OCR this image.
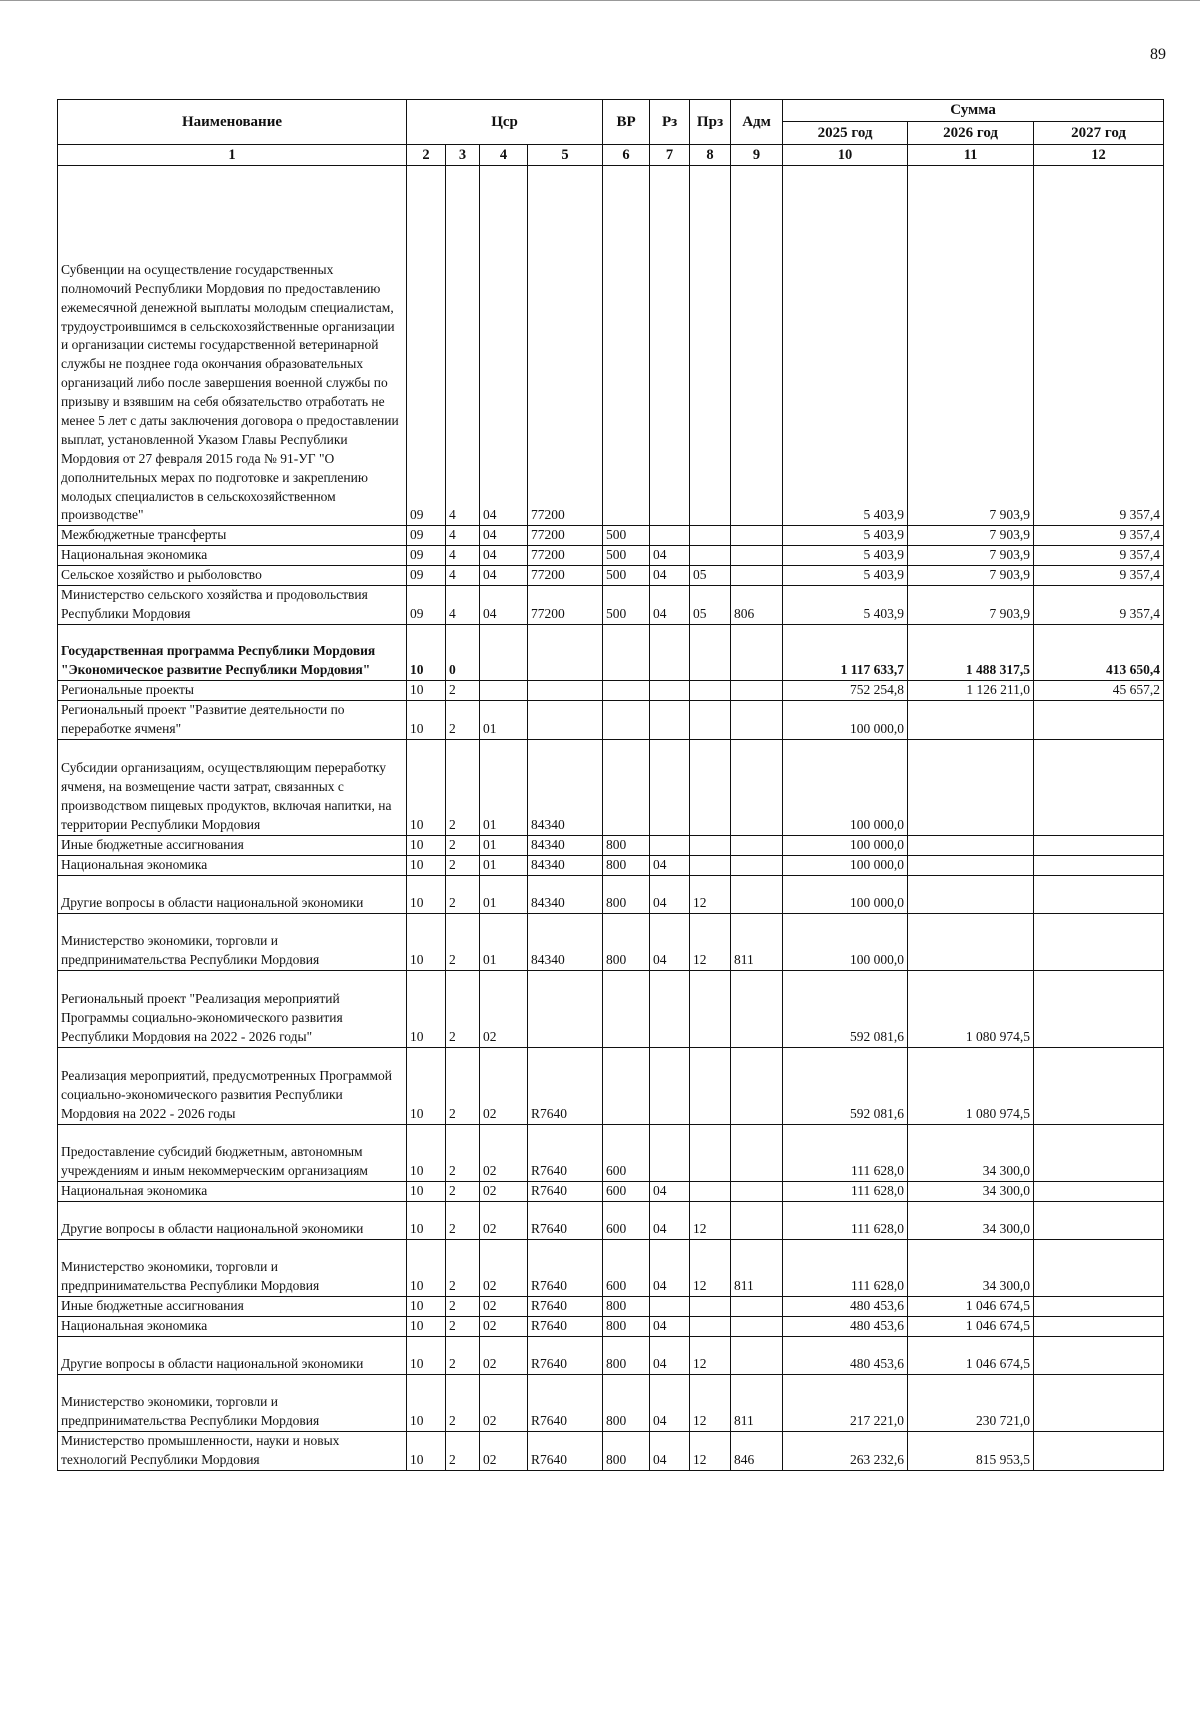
89
Наименование	Цср				ВР	Рз	Прз	Адм	Сумма		
									2025 год	2026 год	2027 год
1	2	3	4	5	6	7	8	9	10	11	12
Субвенции на осуществление государственных полномочий Республики Мордовия по предоставлению ежемесячной денежной выплаты молодым специалистам, трудоустроившимся в сельскохозяйственные организации и организации системы государственной ветеринарной службы не позднее года окончания образовательных организаций либо после завершения военной службы по призыву и взявшим на себя обязательство отработать не менее 5 лет с даты заключения договора о предоставлении выплат, установленной Указом Главы Республики Мордовия от 27 февраля 2015 года № 91-УГ "О дополнительных мерах по подготовке и закреплению молодых специалистов в сельскохозяйственном производстве"	09	4	04	77200					5 403,9	7 903,9	9 357,4
Межбюджетные трансферты	09	4	04	77200	500				5 403,9	7 903,9	9 357,4
Национальная экономика	09	4	04	77200	500	04			5 403,9	7 903,9	9 357,4
Сельское хозяйство и рыболовство	09	4	04	77200	500	04	05		5 403,9	7 903,9	9 357,4
Министерство сельского хозяйства и продовольствия Республики Мордовия	09	4	04	77200	500	04	05	806	5 403,9	7 903,9	9 357,4
Государственная программа Республики Мордовия "Экономическое развитие Республики Мордовия"	10	0							1 117 633,7	1 488 317,5	413 650,4
Региональные проекты	10	2							752 254,8	1 126 211,0	45 657,2
Региональный проект "Развитие деятельности по переработке ячменя"	10	2	01						100 000,0		
Субсидии организациям, осуществляющим переработку ячменя, на возмещение части затрат, связанных с производством пищевых продуктов, включая напитки, на территории Республики Мордовия	10	2	01	84340					100 000,0		
Иные бюджетные ассигнования	10	2	01	84340	800				100 000,0		
Национальная экономика	10	2	01	84340	800	04			100 000,0		
Другие вопросы в области национальной экономики	10	2	01	84340	800	04	12		100 000,0		
Министерство экономики, торговли и предпринимательства Республики Мордовия	10	2	01	84340	800	04	12	811	100 000,0		
Региональный проект "Реализация мероприятий Программы социально-экономического развития Республики Мордовия на 2022 - 2026 годы"	10	2	02						592 081,6	1 080 974,5	
Реализация мероприятий, предусмотренных Программой социально-экономического развития Республики Мордовия на 2022 - 2026 годы	10	2	02	R7640					592 081,6	1 080 974,5	
Предоставление субсидий бюджетным, автономным учреждениям и иным некоммерческим организациям	10	2	02	R7640	600				111 628,0	34 300,0	
Национальная экономика	10	2	02	R7640	600	04			111 628,0	34 300,0	
Другие вопросы в области национальной экономики	10	2	02	R7640	600	04	12		111 628,0	34 300,0	
Министерство экономики, торговли и предпринимательства Республики Мордовия	10	2	02	R7640	600	04	12	811	111 628,0	34 300,0	
Иные бюджетные ассигнования	10	2	02	R7640	800				480 453,6	1 046 674,5	
Национальная экономика	10	2	02	R7640	800	04			480 453,6	1 046 674,5	
Другие вопросы в области национальной экономики	10	2	02	R7640	800	04	12		480 453,6	1 046 674,5	
Министерство экономики, торговли и предпринимательства Республики Мордовия	10	2	02	R7640	800	04	12	811	217 221,0	230 721,0	
Министерство промышленности, науки и новых технологий Республики Мордовия	10	2	02	R7640	800	04	12	846	263 232,6	815 953,5	
